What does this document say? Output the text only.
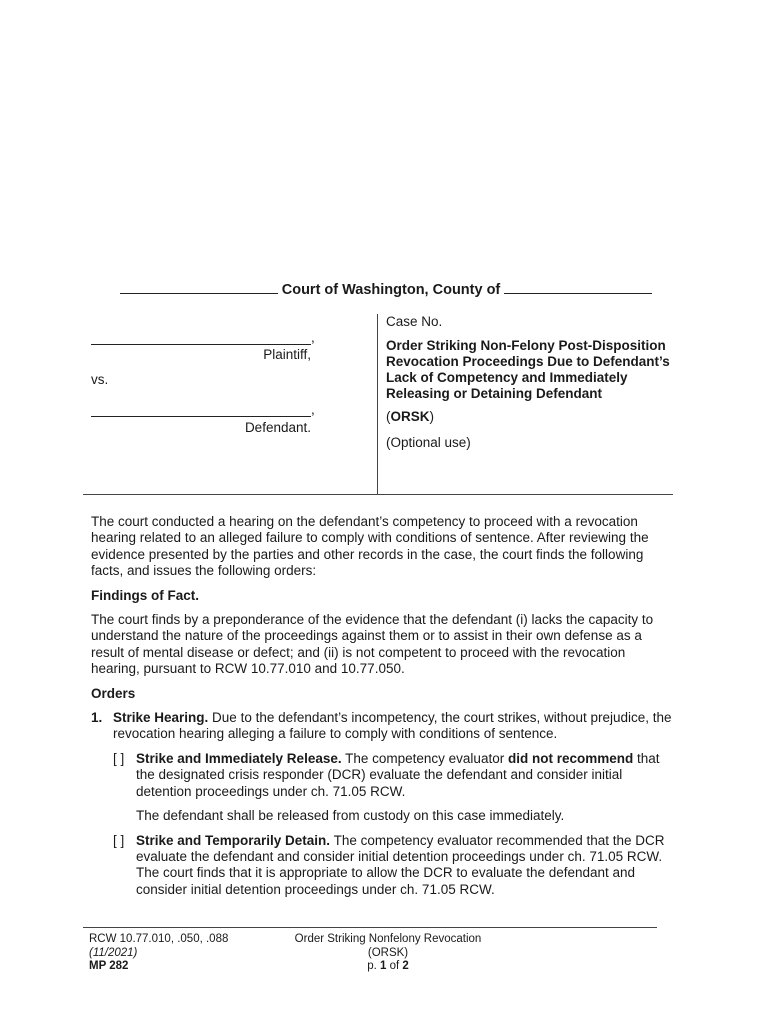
Court of Washington, County of
,
Plaintiff,
vs.
,
Defendant.
Case No.
Order Striking Non-Felony Post-Disposition Revocation Proceedings Due to Defendant’s Lack of Competency and Immediately Releasing or Detaining Defendant
(ORSK)
(Optional use)

The court conducted a hearing on the defendant’s competency to proceed with a revocation hearing related to an alleged failure to comply with conditions of sentence. After reviewing the evidence presented by the parties and other records in the case, the court finds the following facts, and issues the following orders:

Findings of Fact.

The court finds by a preponderance of the evidence that the defendant (i) lacks the capacity to understand the nature of the proceedings against them or to assist in their own defense as a result of mental disease or defect; and (ii) is not competent to proceed with the revocation hearing, pursuant to RCW 10.77.010 and 10.77.050.

Orders
1. Strike Hearing. Due to the defendant’s incompetency, the court strikes, without prejudice, the revocation hearing alleging a failure to comply with conditions of sentence.
[ ] Strike and Immediately Release. The competency evaluator did not recommend that the designated crisis responder (DCR) evaluate the defendant and consider initial detention proceedings under ch. 71.05 RCW.
The defendant shall be released from custody on this case immediately.
[ ] Strike and Temporarily Detain. The competency evaluator recommended that the DCR evaluate the defendant and consider initial detention proceedings under ch. 71.05 RCW. The court finds that it is appropriate to allow the DCR to evaluate the defendant and consider initial detention proceedings under ch. 71.05 RCW.
RCW 10.77.010, .050, .088
(11/2021)
MP 282
Order Striking Nonfelony Revocation
(ORSK)
p. 1 of 2
